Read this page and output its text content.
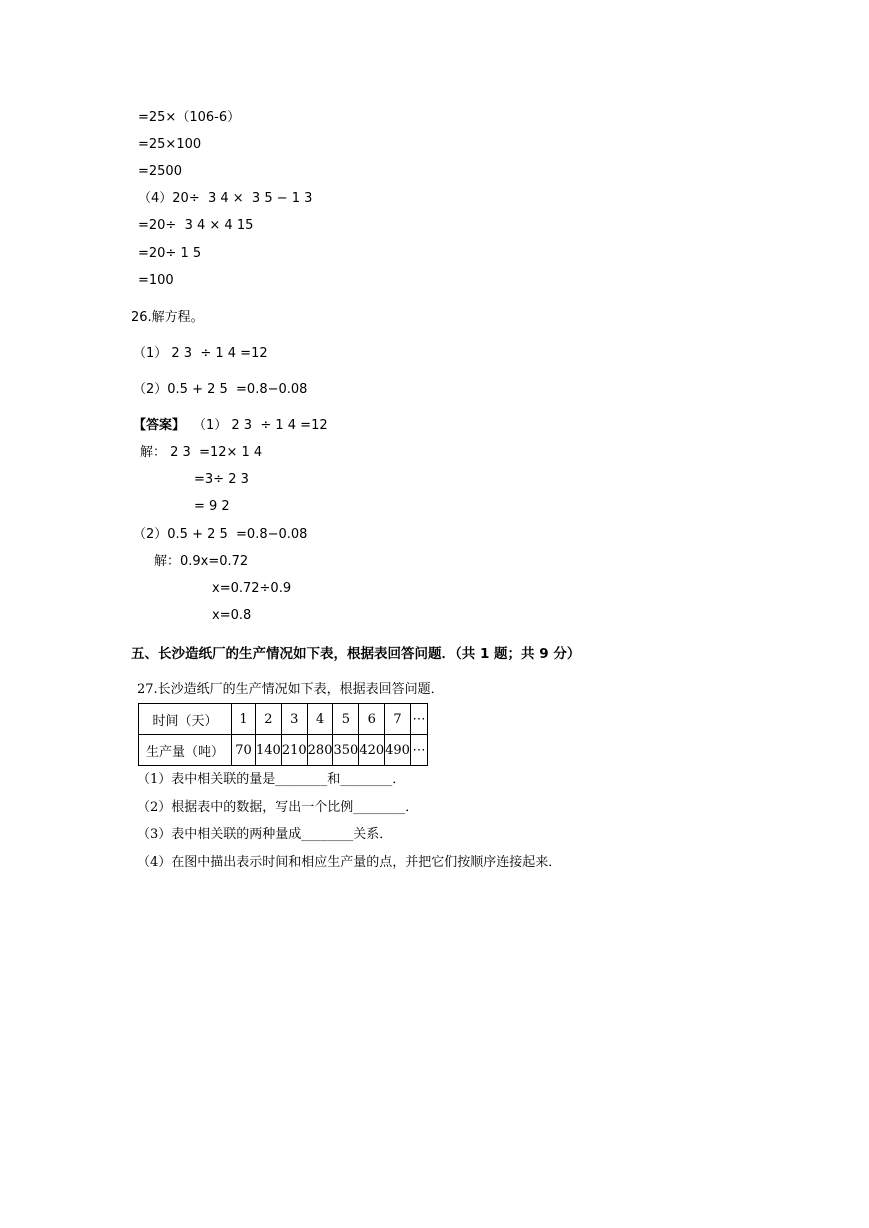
=25×（106-6）
=25×100
=2500
（4）20÷  3 4 ×  3 5 − 1 3
=20÷  3 4 × 4 15
=20÷ 1 5
=100
26.解方程。
（1） 2 3  ÷ 1 4 =12
（2）0.5 + 2 5  =0.8−0.08
【答案】 （1） 2 3  ÷ 1 4 =12
解： 2 3  =12× 1 4
=3÷ 2 3
= 9 2
（2）0.5 + 2 5  =0.8−0.08
解：0.9x=0.72
x=0.72÷0.9
x=0.8
五、长沙造纸厂的生产情况如下表，根据表回答问题．（共 1 题；共 9 分）
27.长沙造纸厂的生产情况如下表，根据表回答问题．
时间（天）	1	2	3	4	5	6	7	⋯
生产量（吨）	70	140	210	280	350	420	490	⋯
（1）表中相关联的量是________和________．
（2）根据表中的数据，写出一个比例________．
（3）表中相关联的两种量成________关系．
（4）在图中描出表示时间和相应生产量的点，并把它们按顺序连接起来．
